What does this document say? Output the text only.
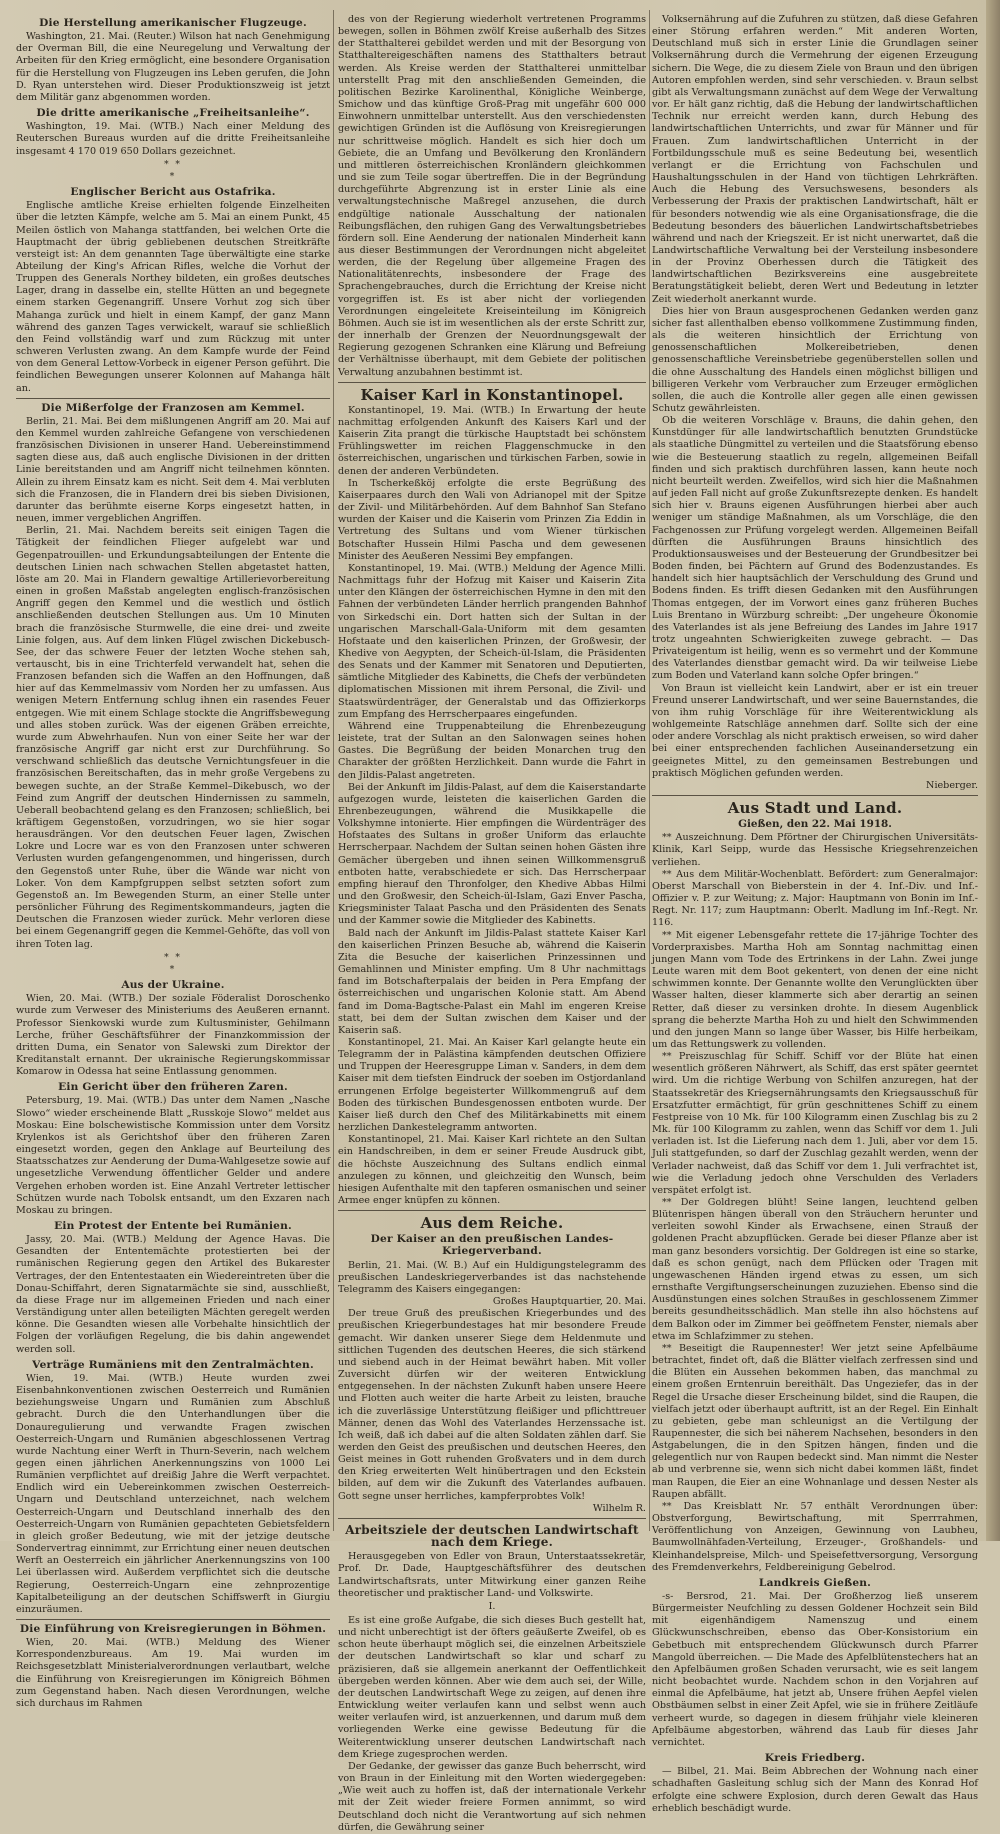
Die Herstellung amerikanischer Flugzeuge.

Washington, 21. Mai. (Reuter.) Wilson hat nach Genehmigung der Overman Bill, die eine Neuregelung und Verwaltung der Arbeiten für den Krieg ermöglicht, eine besondere Organisation für die Herstellung von Flugzeugen ins Leben gerufen, die John D. Ryan unterstehen wird. Dieser Produktionszweig ist jetzt dem Militär ganz abgenommen worden.

Die dritte amerikanische „Freiheitsanleihe“.

Washington, 19. Mai. (WTB.) Nach einer Meldung des Reuterschen Bureaus wurden auf die dritte Freiheitsanleihe insgesamt 4 170 019 650 Dollars gezeichnet.

* *
*
Englischer Bericht aus Ostafrika.

Englische amtliche Kreise erhielten folgende Einzelheiten über die letzten Kämpfe, welche am 5. Mai an einem Punkt, 45 Meilen östlich von Mahanga stattfanden, bei welchen Orte die Hauptmacht der übrig gebliebenen deutschen Streitkräfte versteigt ist: An dem genannten Tage überwältigte eine starke Abteilung der King's African Rifles, welche die Vorhut der Truppen des Generals Northey bildeten, ein großes deutsches Lager, drang in dasselbe ein, stellte Hütten an und begegnete einem starken Gegenangriff. Unsere Vorhut zog sich über Mahanga zurück und hielt in einem Kampf, der ganz Mann während des ganzen Tages verwickelt, warauf sie schließlich den Feind vollständig warf und zum Rückzug mit unter schweren Verlusten zwang. An dem Kampfe wurde der Feind von dem General Lettow-Vorbeck in eigener Person geführt. Die feindlichen Bewegungen unserer Kolonnen auf Mahanga hält an.

Die Mißerfolge der Franzosen am Kemmel.

Berlin, 21. Mai. Bei dem mißlungenen Angriff am 20. Mai auf den Kemmel wurden zahlreiche Gefangene von verschiedenen französischen Divisionen in unserer Hand. Uebereinstimmend sagten diese aus, daß auch englische Divisionen in der dritten Linie bereitstanden und am Angriff nicht teilnehmen könnten. Allein zu ihrem Einsatz kam es nicht. Seit dem 4. Mai verbluten sich die Franzosen, die in Flandern drei bis sieben Divisionen, darunter das berühmte eiserne Korps eingesetzt hatten, in neuen, immer vergeblichen Angriffen.

Berlin, 21. Mai. Nachdem bereits seit einigen Tagen die Tätigkeit der feindlichen Flieger aufgelebt war und Gegenpatrouillen- und Erkundungsabteilungen der Entente die deutschen Linien nach schwachen Stellen abgetastet hatten, löste am 20. Mai in Flandern gewaltige Artillerievorbereitung einen in großen Maßstab angelegten englisch-französischen Angriff gegen den Kemmel und die westlich und östlich anschließenden deutschen Stellungen aus. Um 10 Minuten brach die französische Sturmwelle, die eine drei- und zweite Linie folgen, aus. Auf dem linken Flügel zwischen Dickebusch-See, der das schwere Feuer der letzten Woche stehen sah, vertauscht, bis in eine Trichterfeld verwandelt hat, sehen die Franzosen befanden sich die Waffen an den Hoffnungen, daß hier auf das Kemmelmassiv vom Norden her zu umfassen. Aus wenigen Metern Entfernung schlug ihnen ein rasendes Feuer entgegen. Wie mit einem Schlage stockte die Angriffsbewegung und alles stoben zurück. Was der eigenen Gräben erreichte, wurde zum Abwehrhaufen. Nun von einer Seite her war der französische Angriff gar nicht erst zur Durchführung. So verschwand schließlich das deutsche Vernichtungsfeuer in die französischen Bereitschaften, das in mehr große Vergebens zu bewegen suchte, an der Straße Kemmel–Dikebusch, wo der Feind zum Angriff der deutschen Hindernissen zu sammeln, Ueberall beobachtend gelang es den Franzosen; schließlich, bei kräftigem Gegenstoßen, vorzudringen, wo sie hier sogar herausdrängen. Vor den deutschen Feuer lagen, Zwischen Lokre und Locre war es von den Franzosen unter schweren Verlusten wurden gefangengenommen, und hingerissen, durch den Gegenstoß unter Ruhe, über die Wände war nicht von Loker. Von dem Kampfgruppen selbst setzten sofort zum Gegenstoß an. Im Bewegenden Sturm, an einer Stelle unter persönlicher Führung des Regimentskommandeurs, jagten die Deutschen die Franzosen wieder zurück. Mehr verloren diese bei einem Gegenangriff gegen die Kemmel-Gehöfte, das voll von ihren Toten lag.

* *
*
Aus der Ukraine.

Wien, 20. Mai. (WTB.) Der soziale Föderalist Doroschenko wurde zum Verweser des Ministeriums des Aeußeren ernannt. Professor Sienkowski wurde zum Kultusminister, Gehilmann Lerche, früher Geschäftsführer der Finanzkommission der dritten Duma, ein Senator von Salewski zum Direktor der Kreditanstalt ernannt. Der ukrainische Regierungskommissar Komarow in Odessa hat seine Entlassung genommen.

Ein Gericht über den früheren Zaren.

Petersburg, 19. Mai. (WTB.) Das unter dem Namen „Nasche Slowo“ wieder erscheinende Blatt „Russkoje Slowo“ meldet aus Moskau: Eine bolschewistische Kommission unter dem Vorsitz Krylenkos ist als Gerichtshof über den früheren Zaren eingesetzt worden, gegen den Anklage auf Beurteilung des Staatsschatzes zur Aenderung der Duma-Wahlgesetze sowie auf ungesetzliche Verwendung öffentlicher Gelder und andere Vergehen erhoben worden ist. Eine Anzahl Vertreter lettischer Schützen wurde nach Tobolsk entsandt, um den Exzaren nach Moskau zu bringen.

Ein Protest der Entente bei Rumänien.

Jassy, 20. Mai. (WTB.) Meldung der Agence Havas. Die Gesandten der Ententemächte protestierten bei der rumänischen Regierung gegen den Artikel des Bukarester Vertrages, der den Ententestaaten ein Wiedereintreten über die Donau-Schiffahrt, deren Signatarmächte sie sind, ausschließt, da diese Frage nur im allgemeinen Frieden und nach einer Verständigung unter allen beteiligten Mächten geregelt werden könne. Die Gesandten wiesen alle Vorbehalte hinsichtlich der Folgen der vorläufigen Regelung, die bis dahin angewendet werden soll.

Verträge Rumäniens mit den Zentralmächten.

Wien, 19. Mai. (WTB.) Heute wurden zwei Eisenbahnkonventionen zwischen Oesterreich und Rumänien beziehungsweise Ungarn und Rumänien zum Abschluß gebracht. Durch die den Unterhandlungen über die Donauregulierung und verwandte Fragen zwischen Oesterreich-Ungarn und Rumänien abgeschlossenen Vertrag wurde Nachtung einer Werft in Thurn-Severin, nach welchem gegen einen jährlichen Anerkennungszins von 1000 Lei Rumänien verpflichtet auf dreißig Jahre die Werft verpachtet. Endlich wird ein Uebereinkommen zwischen Oesterreich-Ungarn und Deutschland unterzeichnet, nach welchem Oesterreich-Ungarn und Deutschland innerhalb des den Oesterreich-Ungarn von Rumänien gepachteten Gebietsfeldern in gleich großer Bedeutung, wie mit der jetzige deutsche Sondervertrag einnimmt, zur Errichtung einer neuen deutschen Werft an Oesterreich ein jährlicher Anerkennungszins von 100 Lei überlassen wird. Außerdem verpflichtet sich die deutsche Regierung, Oesterreich-Ungarn eine zehnprozentige Kapitalbeteiligung an der deutschen Schiffswerft in Giurgiu einzuräumen.

Die Einführung von Kreisregierungen in Böhmen.

Wien, 20. Mai. (WTB.) Meldung des Wiener Korrespondenzbureaus. Am 19. Mai wurden im Reichsgesetzblatt Ministerialverordnungen verlautbart, welche die Einführung von Kreisregierungen im Königreich Böhmen zum Gegenstand haben. Nach diesen Verordnungen, welche sich durchaus im Rahmen

des von der Regierung wiederholt vertretenen Programms bewegen, sollen in Böhmen zwölf Kreise außerhalb des Sitzes der Statthalterei gebildet werden und mit der Besorgung von Statthaltereigeschäften namens des Statthalters betraut werden. Als Kreise werden der Statthalterei unmittelbar unterstellt Prag mit den anschließenden Gemeinden, die politischen Bezirke Karolinenthal, Königliche Weinberge, Smichow und das künftige Groß-Prag mit ungefähr 600 000 Einwohnern unmittelbar unterstellt. Aus den verschiedensten gewichtigen Gründen ist die Auflösung von Kreisregierungen nur schrittweise möglich. Handelt es sich hier doch um Gebiete, die an Umfang und Bevölkerung den Kronländern und mittleren österreichischen Kronländern gleichkommen und sie zum Teile sogar übertreffen. Die in der Begründung durchgeführte Abgrenzung ist in erster Linie als eine verwaltungstechnische Maßregel anzusehen, die durch endgültige nationale Ausschaltung der nationalen Reibungsflächen, den ruhigen Gang des Verwaltungsbetriebes fördern soll. Eine Aenderung der nationalen Minderheit kann aus dieser Bestimmungen der Verordnungen nicht abgeleitet werden, die der Regelung über allgemeine Fragen des Nationalitätenrechts, insbesondere der Frage des Sprachengebrauches, durch die Errichtung der Kreise nicht vorgegriffen ist. Es ist aber nicht der vorliegenden Verordnungen eingeleitete Kreiseinteilung im Königreich Böhmen. Auch sie ist im wesentlichen als der erste Schritt zur, der innerhalb der Grenzen der Neuordnungsgewalt der Regierung gezogenen Schranken eine Klärung und Befreiung der Verhältnisse überhaupt, mit dem Gebiete der politischen Verwaltung anzubahnen bestimmt ist.

Kaiser Karl in Konstantinopel.

Konstantinopel, 19. Mai. (WTB.) In Erwartung der heute nachmittag erfolgenden Ankunft des Kaisers Karl und der Kaiserin Zita prangt die türkische Hauptstadt bei schönstem Frühlingswetter im reichen Flaggenschmucke in den österreichischen, ungarischen und türkischen Farben, sowie in denen der anderen Verbündeten.

In Tscherkeßköj erfolgte die erste Begrüßung des Kaiserpaares durch den Wali von Adrianopel mit der Spitze der Zivil- und Militärbehörden. Auf dem Bahnhof San Stefano wurden der Kaiser und die Kaiserin vom Prinzen Zia Eddin in Vertretung des Sultans und vom Wiener türkischen Botschafter Hussein Hilmi Pascha und dem gewesenen Minister des Aeußeren Nessimi Bey empfangen.

Konstantinopel, 19. Mai. (WTB.) Meldung der Agence Milli. Nachmittags fuhr der Hofzug mit Kaiser und Kaiserin Zita unter den Klängen der österreichischen Hymne in den mit den Fahnen der verbündeten Länder herrlich prangenden Bahnhof von Sirkedschi ein. Dort hatten sich der Sultan in der ungarischen Marschall-Gala-Uniform mit dem gesamten Hofstaate und den kaiserlichen Prinzen, der Großwesir, der Khedive von Aegypten, der Scheich-ül-Islam, die Präsidenten des Senats und der Kammer mit Senatoren und Deputierten, sämtliche Mitglieder des Kabinetts, die Chefs der verbündeten diplomatischen Missionen mit ihrem Personal, die Zivil- und Staatswürdenträger, der Generalstab und das Offizierkorps zum Empfang des Herrscherpaares eingefunden.

Während eine Truppenabteilung die Ehrenbezeugung leistete, trat der Sultan an den Salonwagen seines hohen Gastes. Die Begrüßung der beiden Monarchen trug den Charakter der größten Herzlichkeit. Dann wurde die Fahrt in den Jildis-Palast angetreten.

Bei der Ankunft im Jildis-Palast, auf dem die Kaiserstandarte aufgezogen wurde, leisteten die kaiserlichen Garden die Ehrenbezeugungen, während die Musikkapelle die Volkshymne intonierte. Hier empfingen die Würdenträger des Hofstaates des Sultans in großer Uniform das erlauchte Herrscherpaar. Nachdem der Sultan seinen hohen Gästen ihre Gemächer übergeben und ihnen seinen Willkommensgruß entboten hatte, verabschiedete er sich. Das Herrscherpaar empfing hierauf den Thronfolger, den Khedive Abbas Hilmi und den Großwesir, den Scheich-ül-Islam, Gazi Enver Pascha, Kriegsminister Talaat Pascha und den Präsidenten des Senats und der Kammer sowie die Mitglieder des Kabinetts.

Bald nach der Ankunft im Jildis-Palast stattete Kaiser Karl den kaiserlichen Prinzen Besuche ab, während die Kaiserin Zita die Besuche der kaiserlichen Prinzessinnen und Gemahlinnen und Minister empfing. Um 8 Uhr nachmittags fand im Botschafterpalais der beiden in Pera Empfang der österreichischen und ungarischen Kolonie statt. Am Abend fand im Doma-Bagtsche-Palast ein Mahl im engeren Kreise statt, bei dem der Sultan zwischen dem Kaiser und der Kaiserin saß.

Konstantinopel, 21. Mai. An Kaiser Karl gelangte heute ein Telegramm der in Palästina kämpfenden deutschen Offiziere und Truppen der Heeresgruppe Liman v. Sanders, in dem dem Kaiser mit dem tiefsten Eindruck der soeben im Ostjordanland errungenen Erfolge begeisterter Willkommengruß auf dem Boden des türkischen Bundesgenossen entboten wurde. Der Kaiser ließ durch den Chef des Militärkabinetts mit einem herzlichen Dankestelegramm antworten.

Konstantinopel, 21. Mai. Kaiser Karl richtete an den Sultan ein Handschreiben, in dem er seiner Freude Ausdruck gibt, die höchste Auszeichnung des Sultans endlich einmal anzulegen zu können, und gleichzeitig den Wunsch, beim hiesigen Aufenthalte mit den tapferen osmanischen und seiner Armee enger knüpfen zu können.

Aus dem Reiche.
Der Kaiser an den preußischen Landes-Kriegerverband.

Berlin, 21. Mai. (W. B.) Auf ein Huldigungstelegramm des preußischen Landeskriegerverbandes ist das nachstehende Telegramm des Kaisers eingegangen:

Großes Hauptquartier, 20. Mai.

Der treue Gruß des preußischen Kriegerbundes und des preußischen Kriegerbundestages hat mir besondere Freude gemacht. Wir danken unserer Siege dem Heldenmute und sittlichen Tugenden des deutschen Heeres, die sich stärkend und siebend auch in der Heimat bewährt haben. Mit voller Zuversicht dürfen wir der weiteren Entwicklung entgegensehen. In der nächsten Zukunft haben unsere Heere und Flotten auch weiter die harte Arbeit zu leisten, brauche ich die zuverlässige Unterstützung fleißiger und pflichttreuer Männer, denen das Wohl des Vaterlandes Herzenssache ist. Ich weiß, daß ich dabei auf die alten Soldaten zählen darf. Sie werden den Geist des preußischen und deutschen Heeres, den Geist meines in Gott ruhenden Großvaters und in dem durch den Krieg erweiterten Welt hinübertragen und den Eckstein bilden, auf dem wir die Zukunft des Vaterlandes aufbauen. Gott segne unser herrliches, kampferprobtes Volk!

Wilhelm R.
Arbeitsziele der deutschen Landwirtschaft nach dem Kriege.

Herausgegeben von Edler von Braun, Unterstaatssekretär, Prof. Dr. Dade, Hauptgeschäftsführer des deutschen Landwirtschaftsrats, unter Mitwirkung einer ganzen Reihe theoretischer und praktischer Land- und Volkswirte.

I.

Es ist eine große Aufgabe, die sich dieses Buch gestellt hat, und nicht unberechtigt ist der öfters geäußerte Zweifel, ob es schon heute überhaupt möglich sei, die einzelnen Arbeitsziele der deutschen Landwirtschaft so klar und scharf zu präzisieren, daß sie allgemein anerkannt der Oeffentlichkeit übergeben werden können. Aber wie dem auch sei, der Wille, der deutschen Landwirtschaft Wege zu zeigen, auf denen ihre Entwicklung weiter verlaufen kann und selbst wenn auch weiter verlaufen wird, ist anzuerkennen, und darum muß dem vorliegenden Werke eine gewisse Bedeutung für die Weiterentwicklung unserer deutschen Landwirtschaft nach dem Kriege zugesprochen werden.

Der Gedanke, der gewisser das ganze Buch beherrscht, wird von Braun in der Einleitung mit den Worten wiedergegeben: „Wie weit auch zu hoffen ist, daß der internationale Verkehr mit der Zeit wieder freiere Formen annimmt, so wird Deutschland doch nicht die Verantwortung auf sich nehmen dürfen, die Gewährung seiner

Volksernährung auf die Zufuhren zu stützen, daß diese Gefahren einer Störung erfahren werden.“ Mit anderen Worten, Deutschland muß sich in erster Linie die Grundlagen seiner Volksernährung durch die Vermehrung der eigenen Erzeugung sichern. Die Wege, die zu diesem Ziele von Braun und den übrigen Autoren empfohlen werden, sind sehr verschieden. v. Braun selbst gibt als Verwaltungsmann zunächst auf dem Wege der Verwaltung vor. Er hält ganz richtig, daß die Hebung der landwirtschaftlichen Technik nur erreicht werden kann, durch Hebung des landwirtschaftlichen Unterrichts, und zwar für Männer und für Frauen. Zum landwirtschaftlichen Unterricht in der Fortbildungsschule muß es seine Bedeutung bei, wesentlich verlangt er die Errichtung von Fachschulen und Haushaltungsschulen in der Hand von tüchtigen Lehrkräften. Auch die Hebung des Versuchswesens, besonders als Verbesserung der Praxis der praktischen Landwirtschaft, hält er für besonders notwendig wie als eine Organisationsfrage, die die Bedeutung besonders des bäuerlichen Landwirtschaftsbetriebes während und nach der Kriegszeit. Er ist nicht unerwartet, daß die Landwirtschaftliche Verwaltung bei der Versteilung insbesondere in der Provinz Oberhessen durch die Tätigkeit des landwirtschaftlichen Bezirksvereins eine ausgebreitete Beratungstätigkeit beliebt, deren Wert und Bedeutung in letzter Zeit wiederholt anerkannt wurde.

Dies hier von Braun ausgesprochenen Gedanken werden ganz sicher fast allenthalben ebenso vollkommene Zustimmung finden, als die weiteren hinsichtlich der Errichtung von genossenschaftlichen Molkereibetrieben, denen genossenschaftliche Vereinsbetriebe gegenüberstellen sollen und die ohne Ausschaltung des Handels einen möglichst billigen und billigeren Verkehr vom Verbraucher zum Erzeuger ermöglichen sollen, die auch die Kontrolle aller gegen alle einen gewissen Schutz gewährleisten.

Ob die weiteren Vorschläge v. Brauns, die dahin gehen, den Kunstdünger für alle landwirtschaftlich benutzten Grundstücke als staatliche Düngmittel zu verteilen und die Staatsförung ebenso wie die Besteuerung staatlich zu regeln, allgemeinen Beifall finden und sich praktisch durchführen lassen, kann heute noch nicht beurteilt werden. Zweifellos, wird sich hier die Maßnahmen auf jeden Fall nicht auf große Zukunftsrezepte denken. Es handelt sich hier v. Brauns eigenen Ausführungen hierbei aber auch weniger um ständige Maßnahmen, als um Vorschläge, die den Fachgenossen zur Prüfung vorgelegt werden. Allgemeinen Beifall dürften die Ausführungen Brauns hinsichtlich des Produktionsausweises und der Besteuerung der Grundbesitzer bei Boden finden, bei Pächtern auf Grund des Bodenzustandes. Es handelt sich hier hauptsächlich der Verschuldung des Grund und Bodens finden. Es trifft diesen Gedanken mit den Ausführungen Thomas entgegen, der im Vorwort eines ganz früheren Buches Luis Brentano in Würzburg schreibt: „Der ungeheure Ökonomie des Vaterlandes ist als jene Befreiung des Landes im Jahre 1917 trotz ungeahnten Schwierigkeiten zuwege gebracht. — Das Privateigentum ist heilig, wenn es so vermehrt und der Kommune des Vaterlandes dienstbar gemacht wird. Da wir teilweise Liebe zum Boden und Vaterland kann solche Opfer bringen.“

Von Braun ist vielleicht kein Landwirt, aber er ist ein treuer Freund unserer Landwirtschaft, und wer seine Bauernstandes, die von ihm ruhig Vorschläge für ihre Weiterentwicklung als wohlgemeinte Ratschläge annehmen darf. Sollte sich der eine oder andere Vorschlag als nicht praktisch erweisen, so wird daher bei einer entsprechenden fachlichen Auseinandersetzung ein geeignetes Mittel, zu den gemeinsamen Bestrebungen und praktisch Möglichen gefunden werden.

Nieberger.
Aus Stadt und Land.
Gießen, den 22. Mai 1918.

** Auszeichnung. Dem Pförtner der Chirurgischen Universitäts-Klinik, Karl Seipp, wurde das Hessische Kriegsehrenzeichen verliehen.

** Aus dem Militär-Wochenblatt. Befördert: zum Generalmajor: Oberst Marschall von Bieberstein in der 4. Inf.-Div. und Inf.-Offizier v. P. zur Weitung; z. Major: Hauptmann von Bonin im Inf.-Regt. Nr. 117; zum Hauptmann: Oberlt. Madlung im Inf.-Regt. Nr. 116.

** Mit eigener Lebensgefahr rettete die 17-jährige Tochter des Vorderpraxisbes. Martha Hoh am Sonntag nachmittag einen jungen Mann vom Tode des Ertrinkens in der Lahn. Zwei junge Leute waren mit dem Boot gekentert, von denen der eine nicht schwimmen konnte. Der Genannte wollte den Verunglückten über Wasser halten, dieser klammerte sich aber derartig an seinen Retter, daß dieser zu versinken drohte. In diesem Augenblick sprang die beherzte Martha Hoh zu und hielt den Schwimmenden und den jungen Mann so lange über Wasser, bis Hilfe herbeikam, um das Rettungswerk zu vollenden.

** Preiszuschlag für Schiff. Schiff vor der Blüte hat einen wesentlich größeren Nährwert, als Schiff, das erst später geerntet wird. Um die richtige Werbung von Schilfen anzuregen, hat der Staatssekretär des Kriegsernährungsamts den Kriegsausschuß für Ersatzfutter ermächtigt, für grün geschnittenes Schiff zu einem Festpreise von 10 Mk. für 100 Kilogramm einen Zuschlag bis zu 2 Mk. für 100 Kilogramm zu zahlen, wenn das Schiff vor dem 1. Juli verladen ist. Ist die Lieferung nach dem 1. Juli, aber vor dem 15. Juli stattgefunden, so darf der Zuschlag gezahlt werden, wenn der Verlader nachweist, daß das Schiff vor dem 1. Juli verfrachtet ist, wie die Verladung jedoch ohne Verschulden des Verladers verspätet erfolgt ist.

** Der Goldregen blüht! Seine langen, leuchtend gelben Blütenrispen hängen überall von den Sträuchern herunter und verleiten sowohl Kinder als Erwachsene, einen Strauß der goldenen Pracht abzupflücken. Gerade bei dieser Pflanze aber ist man ganz besonders vorsichtig. Der Goldregen ist eine so starke, daß es schon genügt, nach dem Pflücken oder Tragen mit ungewaschenen Händen irgend etwas zu essen, um sich ernsthafte Vergiftungserscheinungen zuzuziehen. Ebenso sind die Ausdünstungen eines solchen Straußes in geschlossenem Zimmer bereits gesundheitsschädlich. Man stelle ihn also höchstens auf dem Balkon oder im Zimmer bei geöffnetem Fenster, niemals aber etwa im Schlafzimmer zu stehen.

** Beseitigt die Raupennester! Wer jetzt seine Apfelbäume betrachtet, findet oft, daß die Blätter vielfach zerfressen sind und die Blüten ein Aussehen bekommen haben, das manchmal zu einem großen Erntenruin bereithält. Das Ungeziefer, das in der Regel die Ursache dieser Erscheinung bildet, sind die Raupen, die vielfach jetzt oder überhaupt auftritt, ist an der Regel. Ein Einhalt zu gebieten, gebe man schleunigst an die Vertilgung der Raupennester, die sich bei näherem Nachsehen, besonders in den Astgabelungen, die in den Spitzen hängen, finden und die gelegentlich nur von Raupen bedeckt sind. Man nimmt die Nester ab und verbrenne sie, wenn sich nicht dabei kommen läßt, findet man Raupen, die Eier an eine Wohnanlage und dessen Nester als Raupen abfällt.

** Das Kreisblatt Nr. 57 enthält Verordnungen über: Obstverforgung, Bewirtschaftung, mit Sperrrahmen, Veröffentlichung von Anzeigen, Gewinnung von Laubheu, Baumwollnähfaden-Verteilung, Erzeuger-, Großhandels- und Kleinhandelspreise, Milch- und Speisefettversorgung, Versorgung des Fremdenverkehrs, Feldbereinigung Gebelrod.

Landkreis Gießen.

-s- Bersrod, 21. Mai. Der Großherzog ließ unserem Bürgermeister Neufchling zu dessen Goldener Hochzeit sein Bild mit eigenhändigem Namenszug und einem Glückwunschschreiben, ebenso das Ober-Konsistorium ein Gebetbuch mit entsprechendem Glückwunsch durch Pfarrer Mangold überreichen. — Die Made des Apfelblütenstechers hat an den Apfelbäumen großen Schaden verursacht, wie es seit langem nicht beobachtet wurde. Nachdem schon in den Vorjahren auf einmal die Apfelbäume, hat jetzt ab, Unsere frühen Aepfel vielen Obstbäumen selbst in einer Zeit Apfel, wie sie in frühere Zeitläufe verheert wurde, so dagegen in diesem frühjahr viele kleineren Apfelbäume abgestorben, während das Laub für dieses Jahr vernichtet.

Kreis Friedberg.

— Bilbel, 21. Mai. Beim Abbrechen der Wohnung nach einer schadhaften Gasleitung schlug sich der Mann des Konrad Hof erfolgte eine schwere Explosion, durch deren Gewalt das Haus erheblich beschädigt wurde.
